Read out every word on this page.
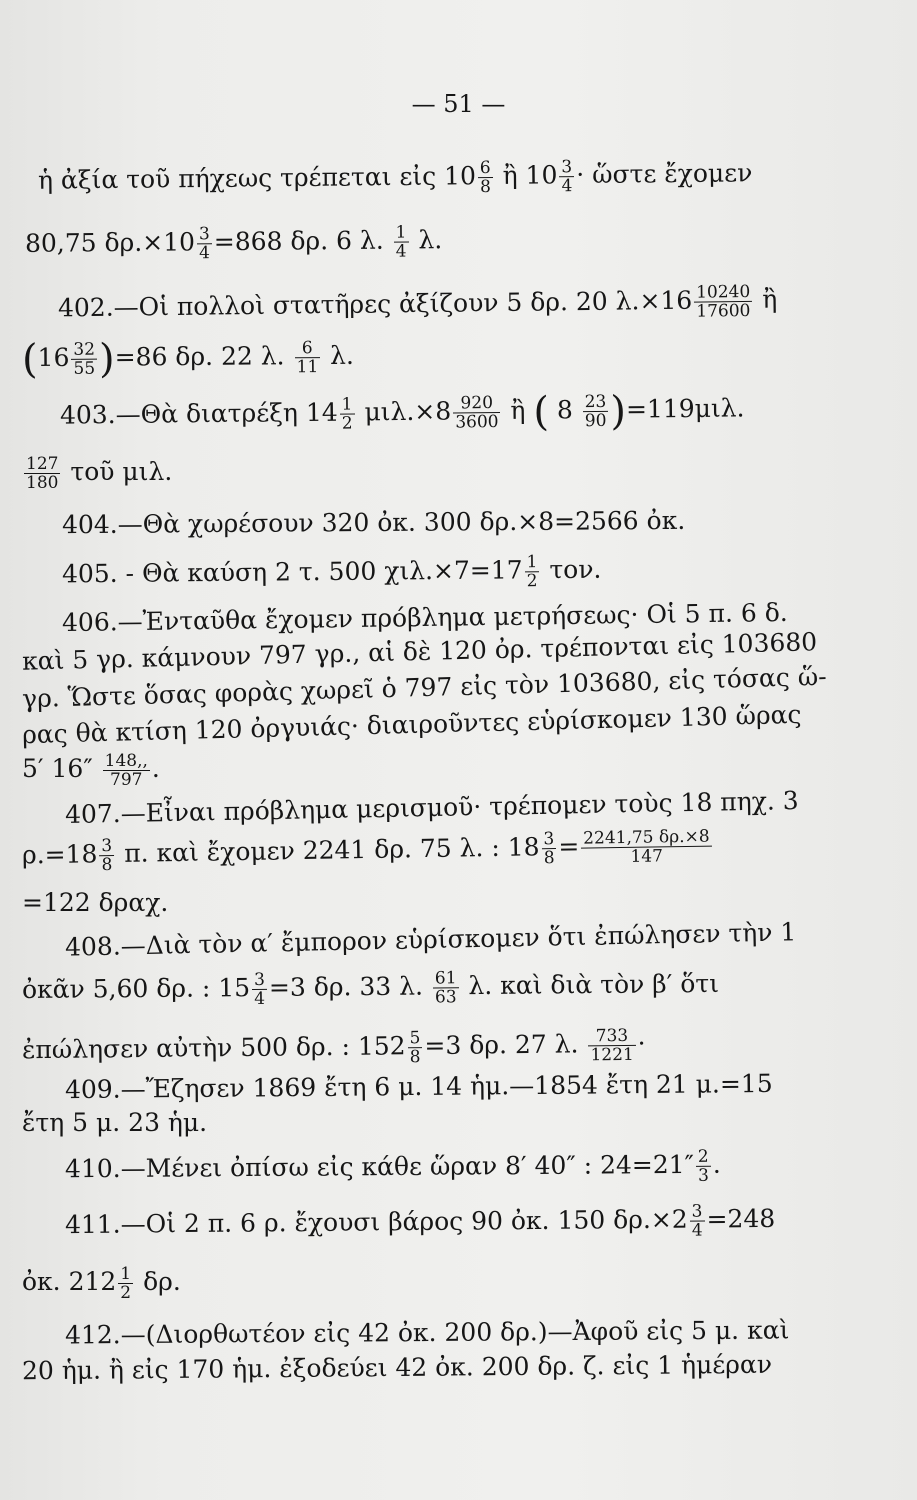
— 51 —
ἡ ἀξία τοῦ πήχεως τρέπεται εἰς $10 \frac{6}{8}$ ἢ $10 \frac{3}{4}$ · ὥστε ἔχομεν
80,75 $\delta\rho.\times 10 \frac{3}{4} =868$ δρ. 6 λ. $\frac{1}{4} \lambda$.
402.—Οἱ πολλοὶ στατῆρες ἀξίζουν 5 δρ. 20 $\lambda.\times 16 \frac{10240}{17600}$ ἢ
$(16 \frac{32}{55} )=86$ δρ. 22 λ. $\frac{6}{11} \lambda$.
403.—Θὰ διατρέξη $14 \frac{1}{2} \mu\iota\lambda.\times 8 \frac{920}{3600}$ ἢ ( $8 \frac{23}{90} )=119\mu\iota\lambda$.
$\frac{127}{180}$ τοῦ μιλ.
404.—Θὰ χωρέσουν 320 ὀκ. 300 δρ.×8=2566 ὀκ.
405. - Θὰ καύση 2 τ. 500 $\chi\iota\lambda.\times 7=17 \frac{1}{2} \tau o\nu$.
406.—Ἐνταῦθα ἔχομεν πρόβλημα μετρήσεως· Οἱ 5 π. 6 δ.
καὶ 5 γρ. κάμνουν 797 γρ., αἱ δὲ 120 ὀρ. τρέπονται εἰς 103680
γρ. Ὥστε ὅσας φορὰς χωρεῖ ὁ 797 εἰς τὸν 103680, εἰς τόσας ὥ-
ρας θὰ κτίση 120 ὀργυιάς· διαιροῦντες εὑρίσκομεν 130 ὥρας
5′ $16'' \frac{148,,}{797}$ .
407.—Εἶναι πρόβλημα μερισμοῦ· τρέπομεν τοὺς 18 πηχ. 3
$\rho.=18 \frac{3}{8} \pi$. καὶ ἔχομεν 2241 δρ. 75 λ. : $18 \frac{3}{8} = \frac{2241,75 \delta\rho.\times 8}{147}$
=122 δραχ.
408.—Διὰ τὸν α′ ἔμπορον εὑρίσκομεν ὅτι ἐπώλησεν τὴν 1
ὀκᾶν 5,60 δρ. : $15 \frac{3}{4} =3$ δρ. 33 λ. $\frac{61}{63} \lambda$. καὶ διὰ τὸν β′ ὅτι
ἐπώλησεν αὐτὴν 500 δρ. : $152 \frac{5}{8} =3$ δρ. 27 λ. $\frac{733}{1221}$ ·
409.—Ἔζησεν 1869 ἔτη 6 μ. 14 ἡμ.—1854 ἔτη 21 μ.=15
ἔτη 5 μ. 23 ἡμ.
410.—Μένει ὀπίσω εἰς κάθε ὥραν 8′ 40″ : $24=21'' \frac{2}{3}$ .
411.—Οἱ 2 π. 6 ρ. ἔχουσι βάρος 90 ὀκ. 150 $\delta\rho.\times 2 \frac{3}{4} =248$
ὀκ. $212 \frac{1}{2} \delta\rho$.
412.—(Διορθωτέον εἰς 42 ὀκ. 200 δρ.)—Ἀφοῦ εἰς 5 μ. καὶ
20 ἡμ. ἢ εἰς 170 ἡμ. ἐξοδεύει 42 ὀκ. 200 δρ. ζ. εἰς 1 ἡμέραν
